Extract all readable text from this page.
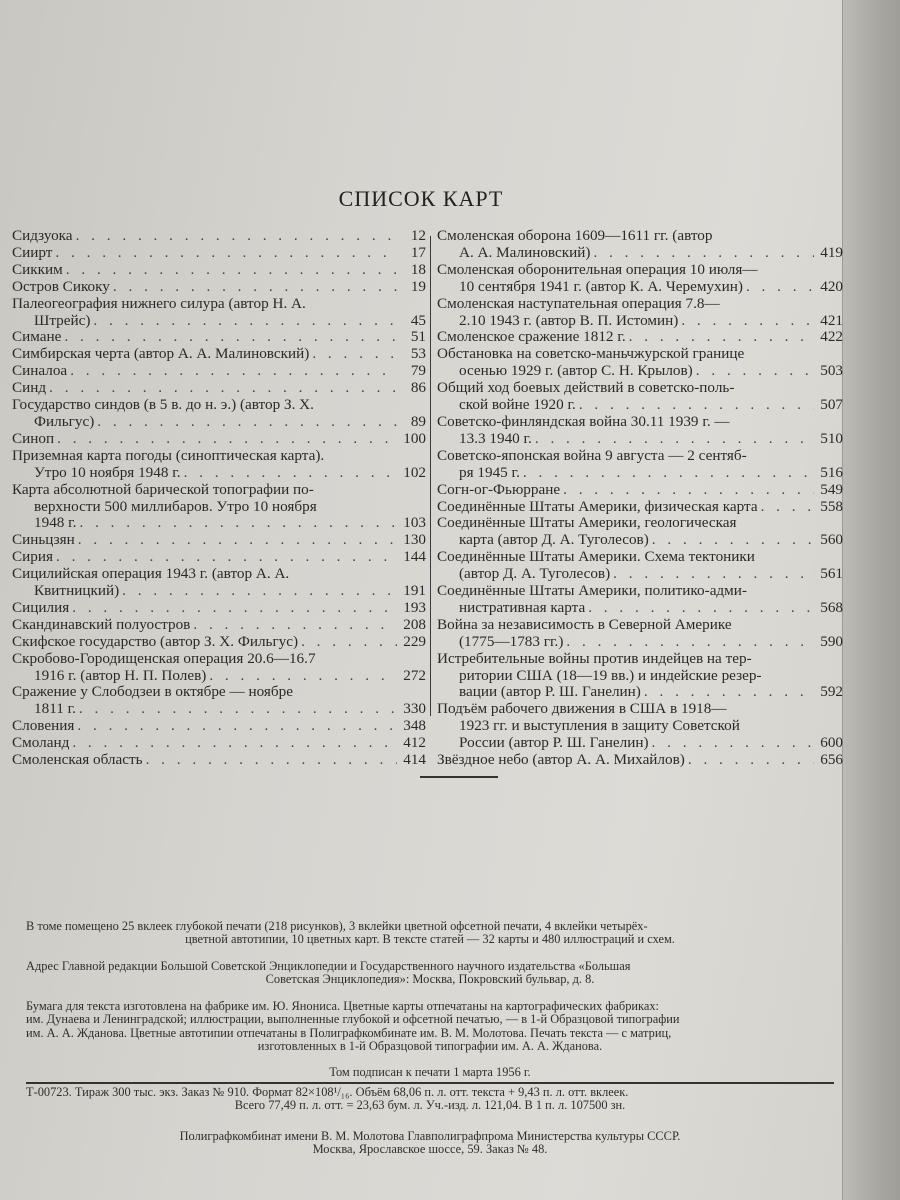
СПИСОК КАРТ
Сидзуока . . .	12
Сиирт . . .	17
Сикким . . .	18
Остров Сикоку . . .	19
Палеогеография нижнего силура (автор Н. А.
Штрейс) . . .	45
Симане . . .	51
Симбирская черта (автор А. А. Малиновский) . . .	53
Синалоа . . .	79
Синд . . .	86
Государство синдов (в 5 в. до н. э.) (автор З. Х.
Фильгус) . . .	89
Синоп . . .	100
Приземная карта погоды (синоптическая карта).
Утро 10 ноября 1948 г. . . .	102
Карта абсолютной барической топографии по-
верхности 500 миллибаров. Утро 10 ноября
1948 г. . . .	103
Синьцзян . . .	130
Сирия . . .	144
Сицилийская операция 1943 г. (автор А. А.
Квитницкий) . . .	191
Сицилия . . .	193
Скандинавский полуостров . . .	208
Скифское государство (автор З. Х. Фильгус) . . .	229
Скробово-Городищенская операция 20.6—16.7
1916 г. (автор Н. П. Полев) . . .	272
Сражение у Слободзеи в октябре — ноябре
1811 г. . . .	330
Словения . . .	348
Смоланд . . .	412
Смоленская область . . .	414
Смоленская оборона 1609—1611 гг. (автор
А. А. Малиновский) . . .	419
Смоленская оборонительная операция 10 июля—
10 сентября 1941 г. (автор К. А. Черемухин) . . .	420
Смоленская наступательная операция 7.8—
2.10 1943 г. (автор В. П. Истомин) . . .	421
Смоленское сражение 1812 г. . . .	422
Обстановка на советско-маньчжурской границе
осенью 1929 г. (автор С. Н. Крылов) . . .	503
Общий ход боевых действий в советско-поль-
ской войне 1920 г. . . .	507
Советско-финляндская война 30.11 1939 г. —
13.3 1940 г. . . .	510
Советско-японская война 9 августа — 2 сентяб-
ря 1945 г. . . .	516
Согн-ог-Фьюрране . . .	549
Соединённые Штаты Америки, физическая карта . . .	558
Соединённые Штаты Америки, геологическая
карта (автор Д. А. Туголесов) . . .	560
Соединённые Штаты Америки. Схема тектоники
(автор Д. А. Туголесов) . . .	561
Соединённые Штаты Америки, политико-адми-
нистративная карта . . .	568
Война за независимость в Северной Америке
(1775—1783 гг.) . . .	590
Истребительные войны против индейцев на тер-
ритории США (18—19 вв.) и индейские резер-
вации (автор Р. Ш. Ганелин) . . .	592
Подъём рабочего движения в США в 1918—
1923 гг. и выступления в защиту Советской
России (автор Р. Ш. Ганелин) . . .	600
Звёздное небо (автор А. А. Михайлов) . . .	656

В томе помещено 25 вклеек глубокой печати (218 рисунков), 3 вклейки цветной офсетной печати, 4 вклейки четырёх-

цветной автотипии, 10 цветных карт. В тексте статей — 32 карты и 480 иллюстраций и схем.

Адрес Главной редакции Большой Советской Энциклопедии и Государственного научного издательства «Большая

Советская Энциклопедия»: Москва, Покровский бульвар, д. 8.

Бумага для текста изготовлена на фабрике им. Ю. Янониса. Цветные карты отпечатаны на картографических фабриках:

им. Дунаева и Ленинградской; иллюстрации, выполненные глубокой и офсетной печатью, — в 1-й Образцовой типографии

им. А. А. Жданова. Цветные автотипии отпечатаны в Полиграфкомбинате им. В. М. Молотова. Печать текста — с матриц,

изготовленных в 1-й Образцовой типографии им. А. А. Жданова.

Том подписан к печати 1 марта 1956 г.

Т-00723. Тираж 300 тыс. экз. Заказ № 910. Формат 82×108¹/₁₆. Объём 68,06 п. л. отт. текста + 9,43 п. л. отт. вклеек.

Всего 77,49 п. л. отт. = 23,63 бум. л. Уч.-изд. л. 121,04. В 1 п. л. 107500 зн.

Полиграфкомбинат имени В. М. Молотова Главполиграфпрома Министерства культуры СССР.

Москва, Ярославское шоссе, 59. Заказ № 48.
